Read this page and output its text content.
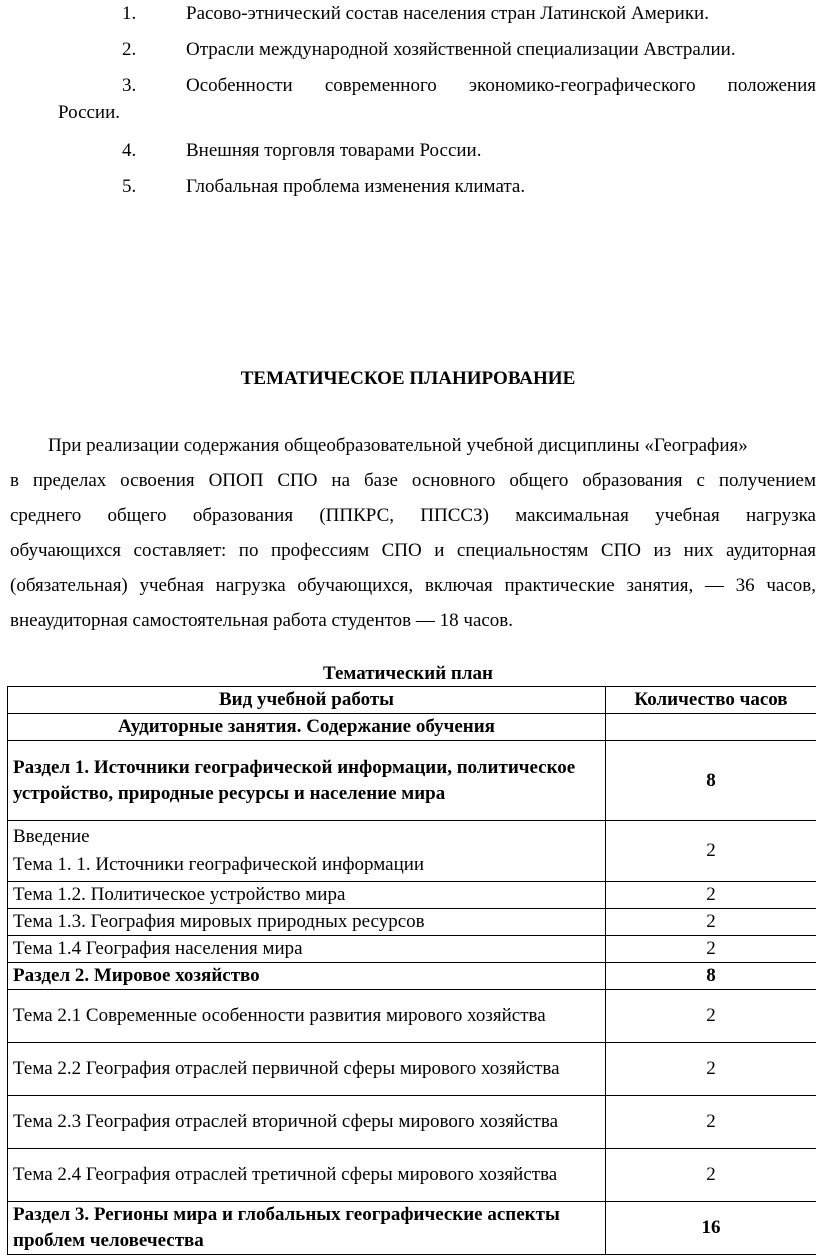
1.	Расово-этнический состав населения стран Латинской Америки.
2.	Отрасли международной хозяйственной специализации Австралии.
3.	Особенности современного экономико-географического положения
России.
4.	Внешняя торговля товарами России.
5.	Глобальная проблема изменения климата.
ТЕМАТИЧЕСКОЕ ПЛАНИРОВАНИЕ
При реализации содержания общеобразовательной учебной дисциплины «География»
в пределах освоения ОПОП СПО на базе основного общего образования с получением
среднего общего образования (ППКРС, ППССЗ) максимальная учебная нагрузка
обучающихся составляет: по профессиям СПО и специальностям СПО из них аудиторная
(обязательная) учебная нагрузка обучающихся, включая практические занятия, — 36 часов,
внеаудиторная самостоятельная работа студентов — 18 часов.
Тематический план
Вид учебной работы	Количество часов
Аудиторные занятия. Содержание обучения	
Раздел 1. Источники географической информации, политическое устройство, природные ресурсы и население мира	8

Введение
Тема 1. 1. Источники географической информации	2
Тема 1.2. Политическое устройство мира	2
Тема 1.3. География мировых природных ресурсов	2
Тема 1.4 География населения мира	2
Раздел 2. Мировое хозяйство	8
Тема 2.1 Современные особенности развития мирового хозяйства	2
Тема 2.2 География отраслей первичной сферы мирового хозяйства	2
Тема 2.3 География отраслей вторичной сферы мирового хозяйства	2
Тема 2.4 География отраслей третичной сферы мирового хозяйства	2
Раздел 3. Регионы мира и глобальных географические аспекты проблем человечества	16
